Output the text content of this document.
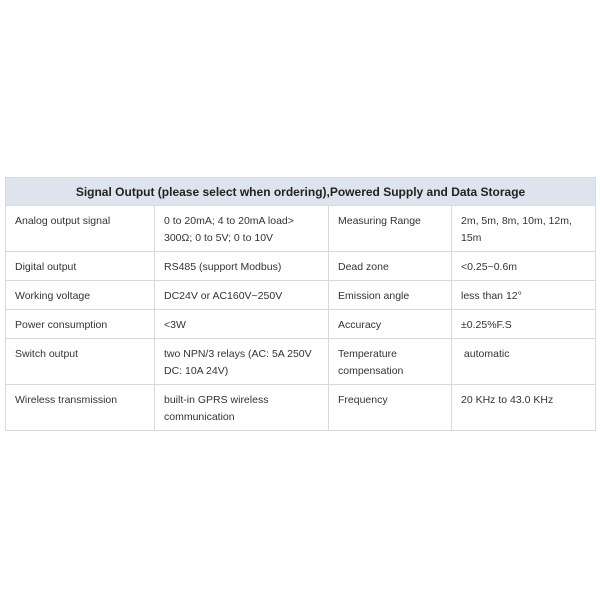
Signal Output (please select when ordering),Powered Supply and Data Storage			
Analog output signal	0 to 20mA; 4 to 20mA load> 300Ω; 0 to 5V; 0 to 10V	Measuring Range	2m, 5m, 8m, 10m, 12m, 15m
Digital output	RS485 (support Modbus)	Dead zone	<0.25~0.6m
Working voltage	DC24V or AC160V~250V	Emission angle	less than 12°
Power consumption	<3W	Accuracy	±0.25%F.S
Switch output	two NPN/3 relays (AC: 5A 250V DC: 10A 24V)	Temperature compensation	automatic
Wireless transmission	built-in GPRS wireless communication	Frequency	20 KHz to 43.0 KHz
